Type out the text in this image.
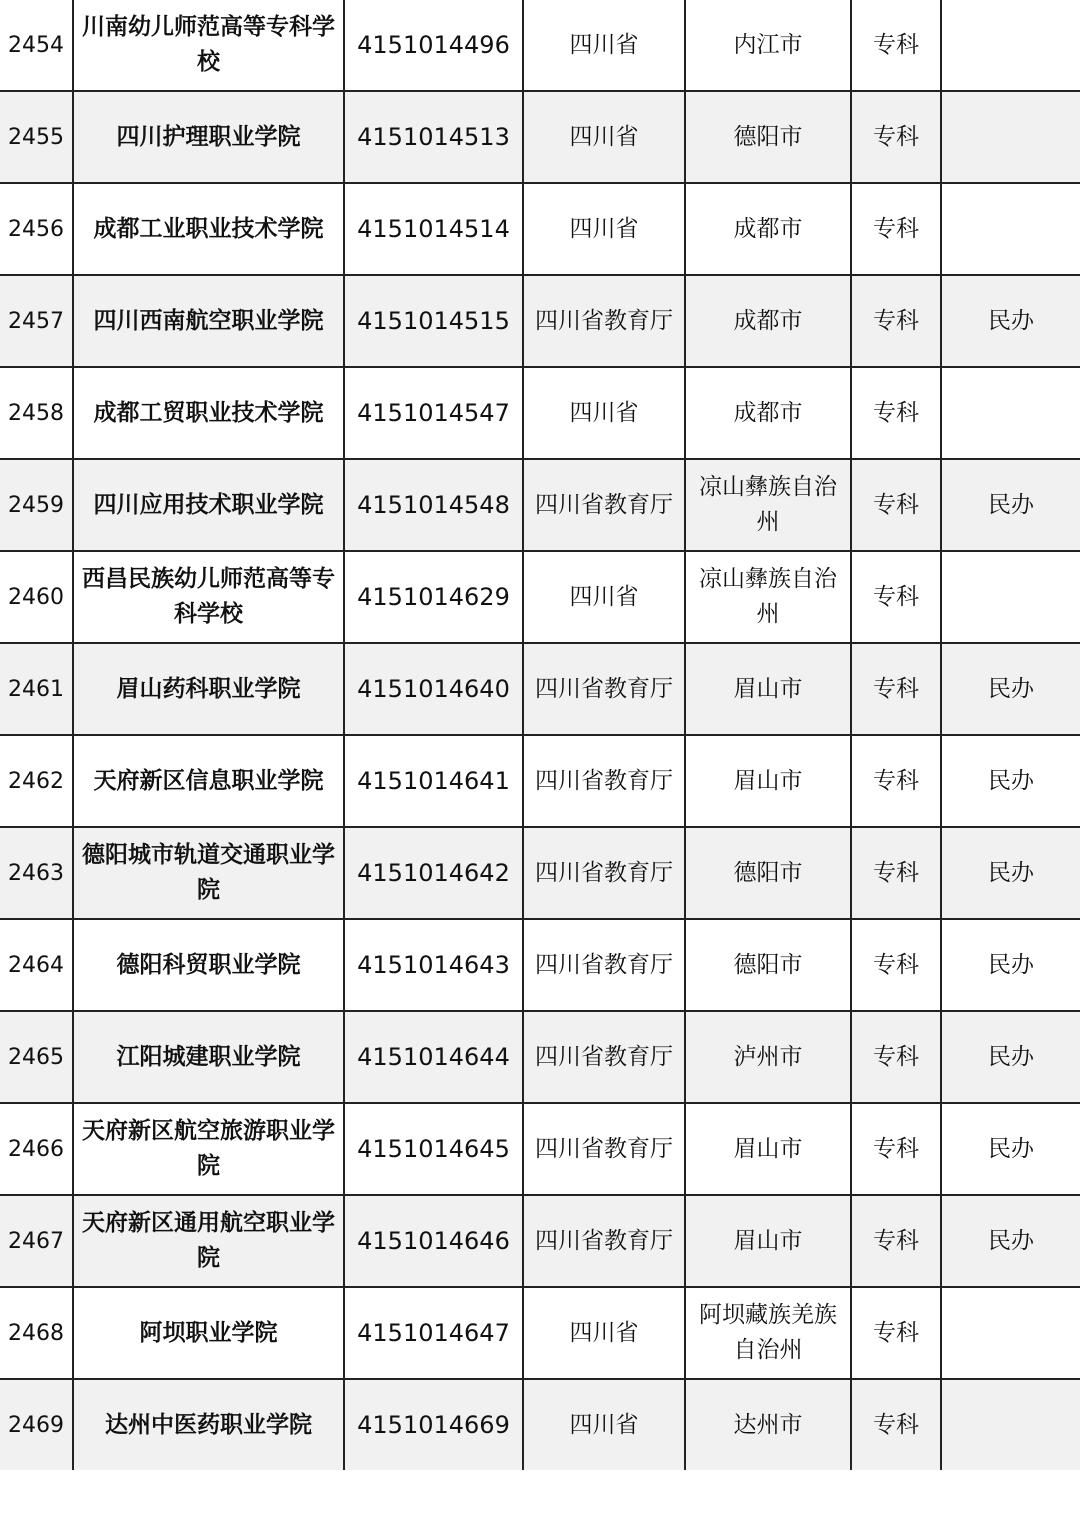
2454	川南幼儿师范高等专科学校	4151014496	四川省	内江市	专科	
2455	四川护理职业学院	4151014513	四川省	德阳市	专科	
2456	成都工业职业技术学院	4151014514	四川省	成都市	专科	
2457	四川西南航空职业学院	4151014515	四川省教育厅	成都市	专科	民办
2458	成都工贸职业技术学院	4151014547	四川省	成都市	专科	
2459	四川应用技术职业学院	4151014548	四川省教育厅	凉山彝族自治州	专科	民办
2460	西昌民族幼儿师范高等专科学校	4151014629	四川省	凉山彝族自治州	专科	
2461	眉山药科职业学院	4151014640	四川省教育厅	眉山市	专科	民办
2462	天府新区信息职业学院	4151014641	四川省教育厅	眉山市	专科	民办
2463	德阳城市轨道交通职业学院	4151014642	四川省教育厅	德阳市	专科	民办
2464	德阳科贸职业学院	4151014643	四川省教育厅	德阳市	专科	民办
2465	江阳城建职业学院	4151014644	四川省教育厅	泸州市	专科	民办
2466	天府新区航空旅游职业学院	4151014645	四川省教育厅	眉山市	专科	民办
2467	天府新区通用航空职业学院	4151014646	四川省教育厅	眉山市	专科	民办
2468	阿坝职业学院	4151014647	四川省	阿坝藏族羌族自治州	专科	
2469	达州中医药职业学院	4151014669	四川省	达州市	专科	
